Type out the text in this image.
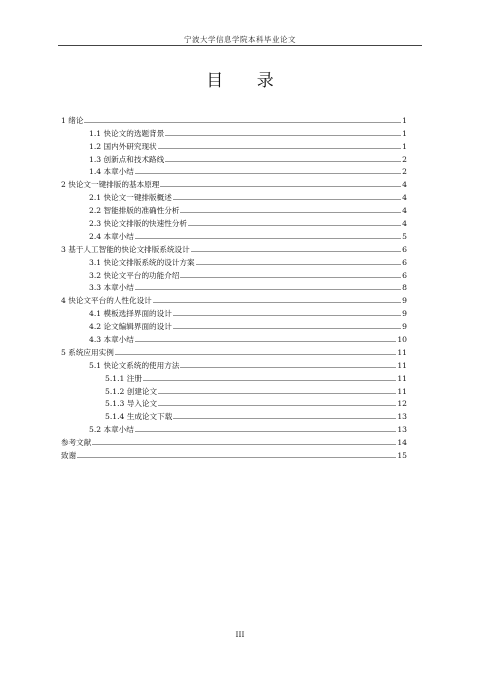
宁波大学信息学院本科毕业论文
目 录
1 绪论	1
1.1 快论文的选题背景	1
1.2 国内外研究现状	1
1.3 创新点和技术路线	2
1.4 本章小结	2
2 快论文一键排版的基本原理	4
2.1 快论文一键排版概述	4
2.2 智能排版的准确性分析	4
2.3 快论文排版的快速性分析	4
2.4 本章小结	5
3 基于人工智能的快论文排版系统设计	6
3.1 快论文排版系统的设计方案	6
3.2 快论文平台的功能介绍	6
3.3 本章小结	8
4 快论文平台的人性化设计	9
4.1 模板选择界面的设计	9
4.2 论文编辑界面的设计	9
4.3 本章小结	10
5 系统应用实例	11
5.1 快论文系统的使用方法	11
5.1.1 注册	11
5.1.2 创建论文	11
5.1.3 导入论文	12
5.1.4 生成论文下载	13
5.2 本章小结	13
参考文献	14
致谢	15
III
